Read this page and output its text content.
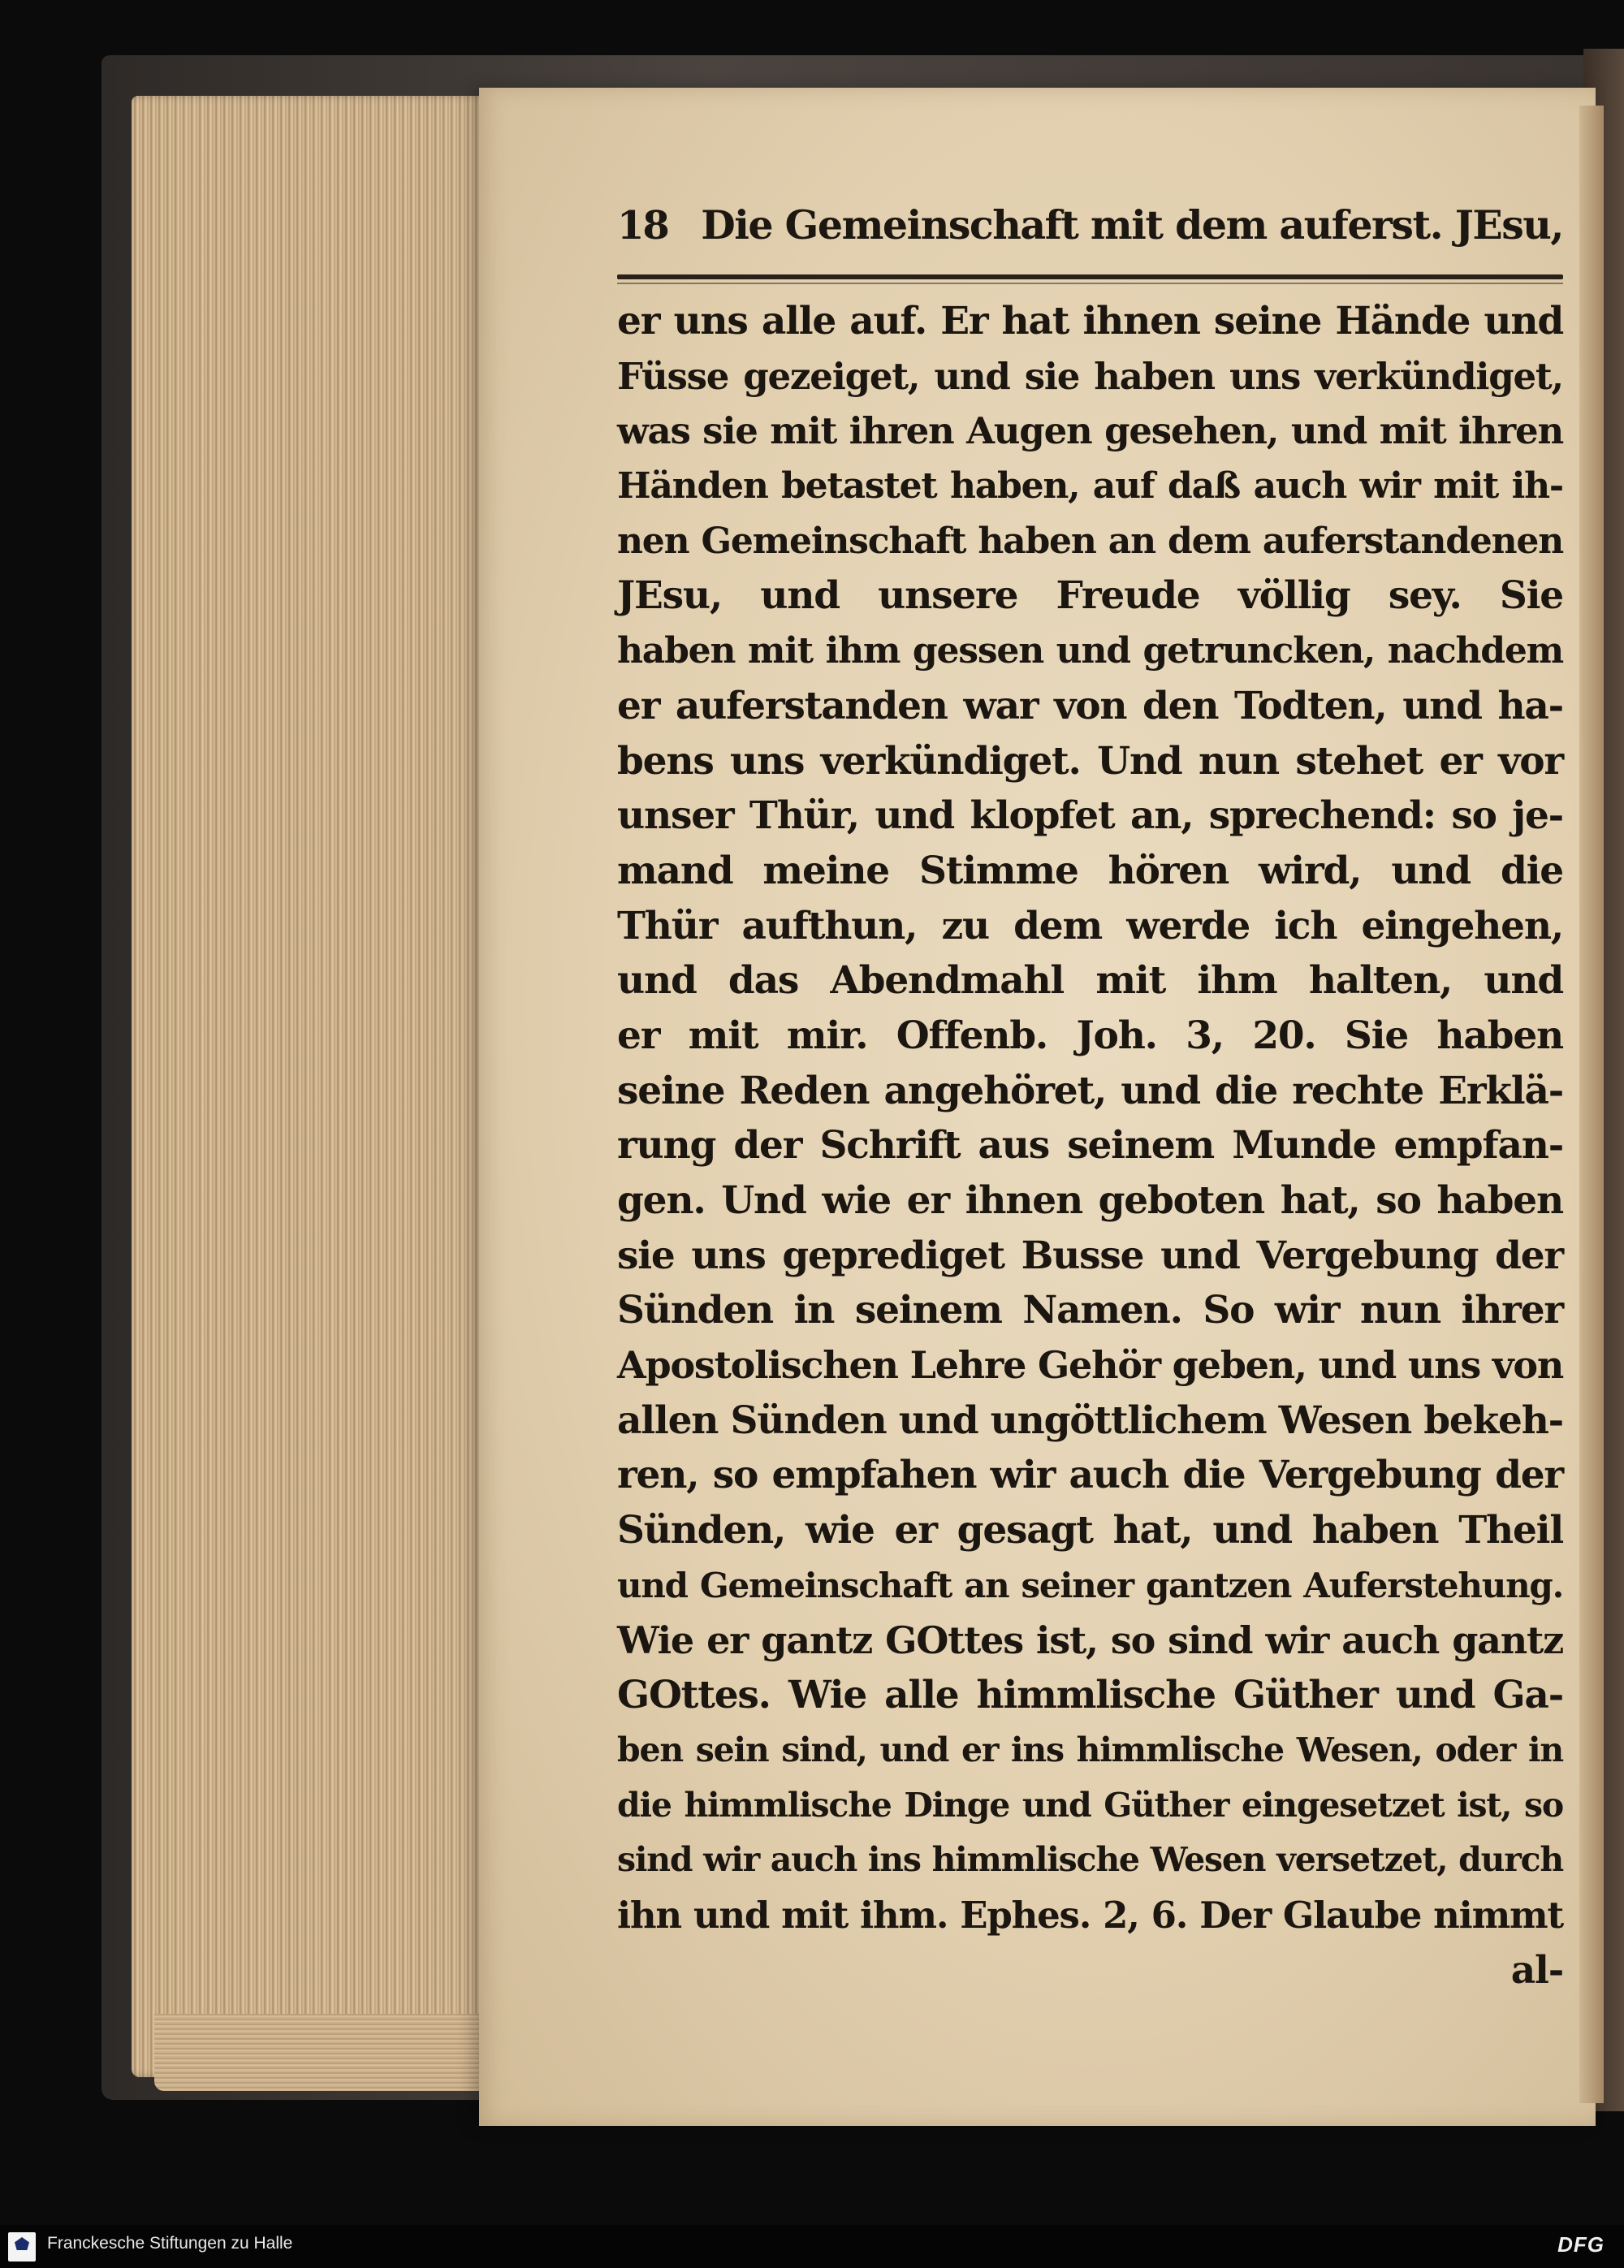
18 Die Gemeinschaft mit dem auferst. JEsu,
er uns alle auf. Er hat ihnen seine Hände und
Füsse gezeiget, und sie haben uns verkündiget,
was sie mit ihren Augen gesehen, und mit ihren
Händen betastet haben, auf daß auch wir mit ih-
nen Gemeinschaft haben an dem auferstandenen
JEsu, und unsere Freude völlig sey. Sie
haben mit ihm gessen und getruncken, nachdem
er auferstanden war von den Todten, und ha-
bens uns verkündiget. Und nun stehet er vor
unser Thür, und klopfet an, sprechend: so je-
mand meine Stimme hören wird, und die
Thür aufthun, zu dem werde ich eingehen,
und das Abendmahl mit ihm halten, und
er mit mir. Offenb. Joh. 3, 20. Sie haben
seine Reden angehöret, und die rechte Erklä-
rung der Schrift aus seinem Munde empfan-
gen. Und wie er ihnen geboten hat, so haben
sie uns geprediget Busse und Vergebung der
Sünden in seinem Namen. So wir nun ihrer
Apostolischen Lehre Gehör geben, und uns von
allen Sünden und ungöttlichem Wesen bekeh-
ren, so empfahen wir auch die Vergebung der
Sünden, wie er gesagt hat, und haben Theil
und Gemeinschaft an seiner gantzen Auferstehung.
Wie er gantz GOttes ist, so sind wir auch gantz
GOttes. Wie alle himmlische Güther und Ga-
ben sein sind, und er ins himmlische Wesen, oder in
die himmlische Dinge und Güther eingesetzet ist, so
sind wir auch ins himmlische Wesen versetzet, durch
ihn und mit ihm. Ephes. 2, 6. Der Glaube nimmt
al-
Franckesche Stiftungen zu Halle	DFG
